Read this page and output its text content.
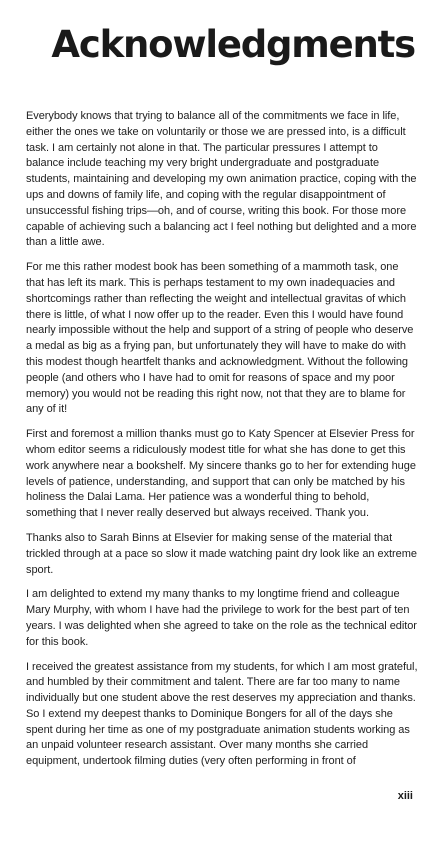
Acknowledgments

Everybody knows that trying to balance all of the commitments we face in life, either the ones we take on voluntarily or those we are pressed into, is a difficult task. I am certainly not alone in that. The particular pressures I attempt to balance include teaching my very bright undergraduate and postgraduate students, maintaining and developing my own animation practice, coping with the ups and downs of family life, and coping with the regular disappointment of unsuccessful fishing trips—oh, and of course, writing this book. For those more capable of achieving such a balancing act I feel nothing but delighted and a more than a little awe.

For me this rather modest book has been something of a mammoth task, one that has left its mark. This is perhaps testament to my own inadequacies and shortcomings rather than reflecting the weight and intellectual gravitas of which there is little, of what I now offer up to the reader. Even this I would have found nearly impossible without the help and support of a string of people who deserve a medal as big as a frying pan, but unfortunately they will have to make do with this modest though heartfelt thanks and acknowledgment. Without the following people (and others who I have had to omit for reasons of space and my poor memory) you would not be reading this right now, not that they are to blame for any of it!

First and foremost a million thanks must go to Katy Spencer at Elsevier Press for whom editor seems a ridiculously modest title for what she has done to get this work anywhere near a bookshelf. My sincere thanks go to her for extending huge levels of patience, understanding, and support that can only be matched by his holiness the Dalai Lama. Her patience was a wonderful thing to behold, something that I never really deserved but always received. Thank you.

Thanks also to Sarah Binns at Elsevier for making sense of the material that trickled through at a pace so slow it made watching paint dry look like an extreme sport.

I am delighted to extend my many thanks to my longtime friend and colleague Mary Murphy, with whom I have had the privilege to work for the best part of ten years. I was delighted when she agreed to take on the role as the technical editor for this book.

I received the greatest assistance from my students, for which I am most grateful, and humbled by their commitment and talent. There are far too many to name individually but one student above the rest deserves my appreciation and thanks. So I extend my deepest thanks to Dominique Bongers for all of the days she spent during her time as one of my postgraduate animation students working as an unpaid volunteer research assistant. Over many months she carried equipment, undertook filming duties (very often performing in front of

xiii
